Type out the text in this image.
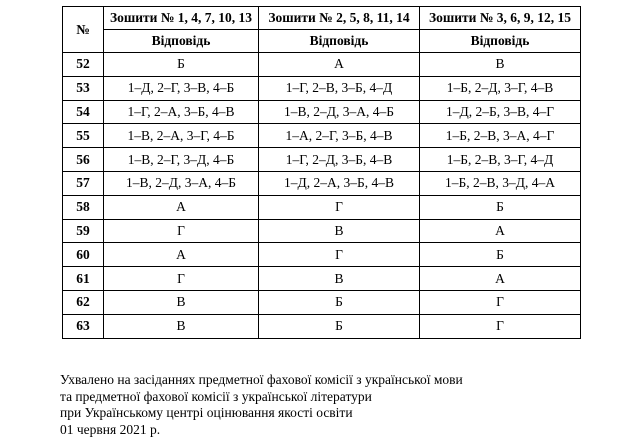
№	Зошити № 1, 4, 7, 10, 13	Зошити № 2, 5, 8, 11, 14	Зошити № 3, 6, 9, 12, 15
	Відповідь	Відповідь	Відповідь
52	Б	А	В
53	1–Д, 2–Г, 3–В, 4–Б	1–Г, 2–В, 3–Б, 4–Д	1–Б, 2–Д, 3–Г, 4–В
54	1–Г, 2–А, 3–Б, 4–В	1–В, 2–Д, 3–А, 4–Б	1–Д, 2–Б, 3–В, 4–Г
55	1–В, 2–А, 3–Г, 4–Б	1–А, 2–Г, 3–Б, 4–В	1–Б, 2–В, 3–А, 4–Г
56	1–В, 2–Г, 3–Д, 4–Б	1–Г, 2–Д, 3–Б, 4–В	1–Б, 2–В, 3–Г, 4–Д
57	1–В, 2–Д, 3–А, 4–Б	1–Д, 2–А, 3–Б, 4–В	1–Б, 2–В, 3–Д, 4–А
58	А	Г	Б
59	Г	В	А
60	А	Г	Б
61	Г	В	А
62	В	Б	Г
63	В	Б	Г
Ухвалено на засіданнях предметної фахової комісії з української мови
та предметної фахової комісії з української літератури
при Українському центрі оцінювання якості освіти
01 червня 2021 р.
